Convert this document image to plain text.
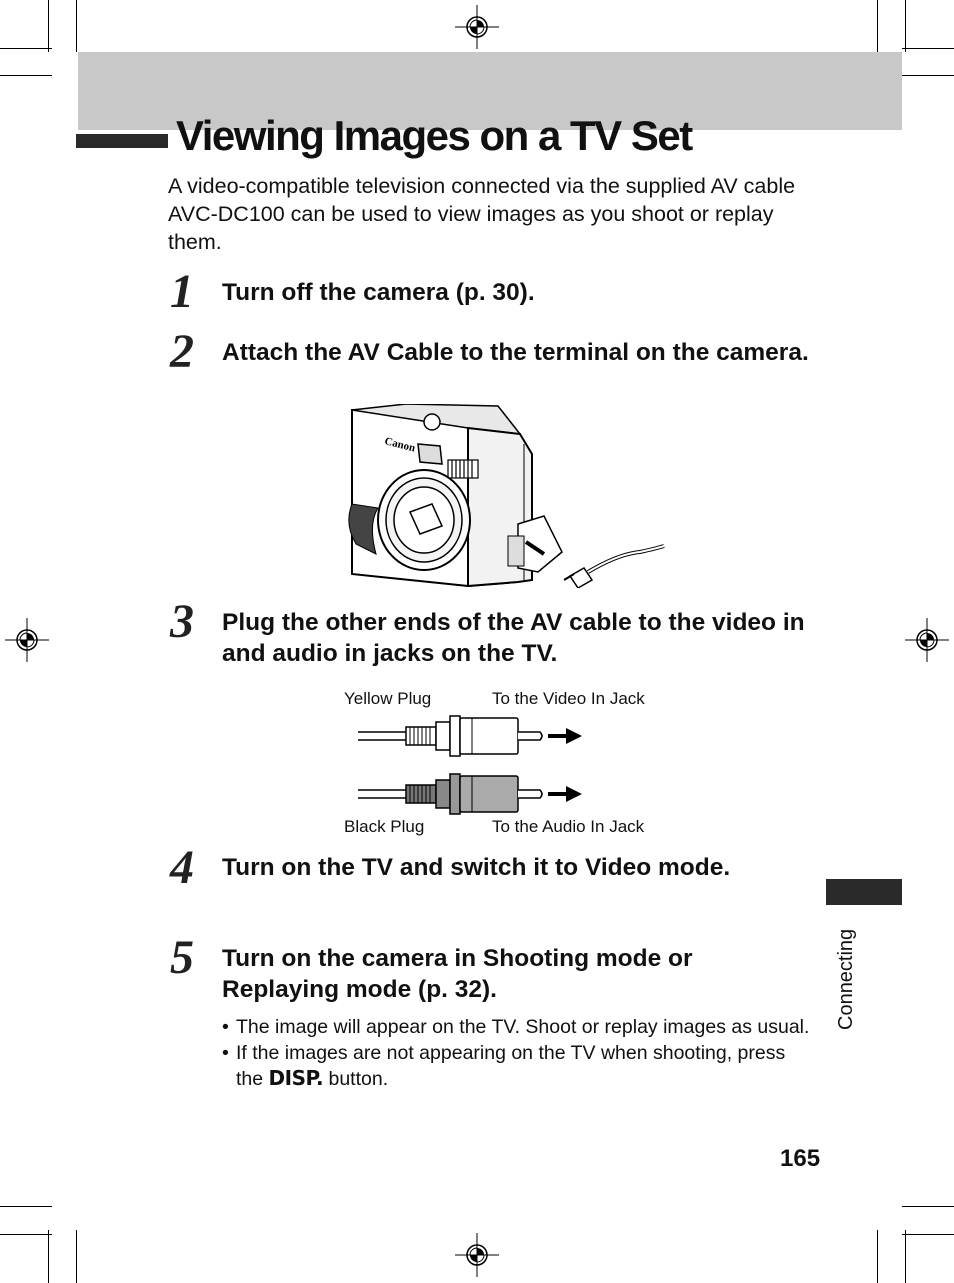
Viewing Images on a TV Set
A video-compatible television connected via the supplied AV cable AVC-DC100 can be used to view images as you shoot or replay them.
1 Turn off the camera (p. 30).
2 Attach the AV Cable to the terminal on the camera.
Canon
3 Plug the other ends of the AV cable to the video in and audio in jacks on the TV.
Yellow Plug	To the Video In Jack
Black Plug	To the Audio In Jack
4 Turn on the TV and switch it to Video mode.
5 Turn on the camera in Shooting mode or Replaying mode (p. 32).
• The image will appear on the TV. Shoot or replay images as usual.
• If the images are not appearing on the TV when shooting, press the DISP. button.
Connecting
165
